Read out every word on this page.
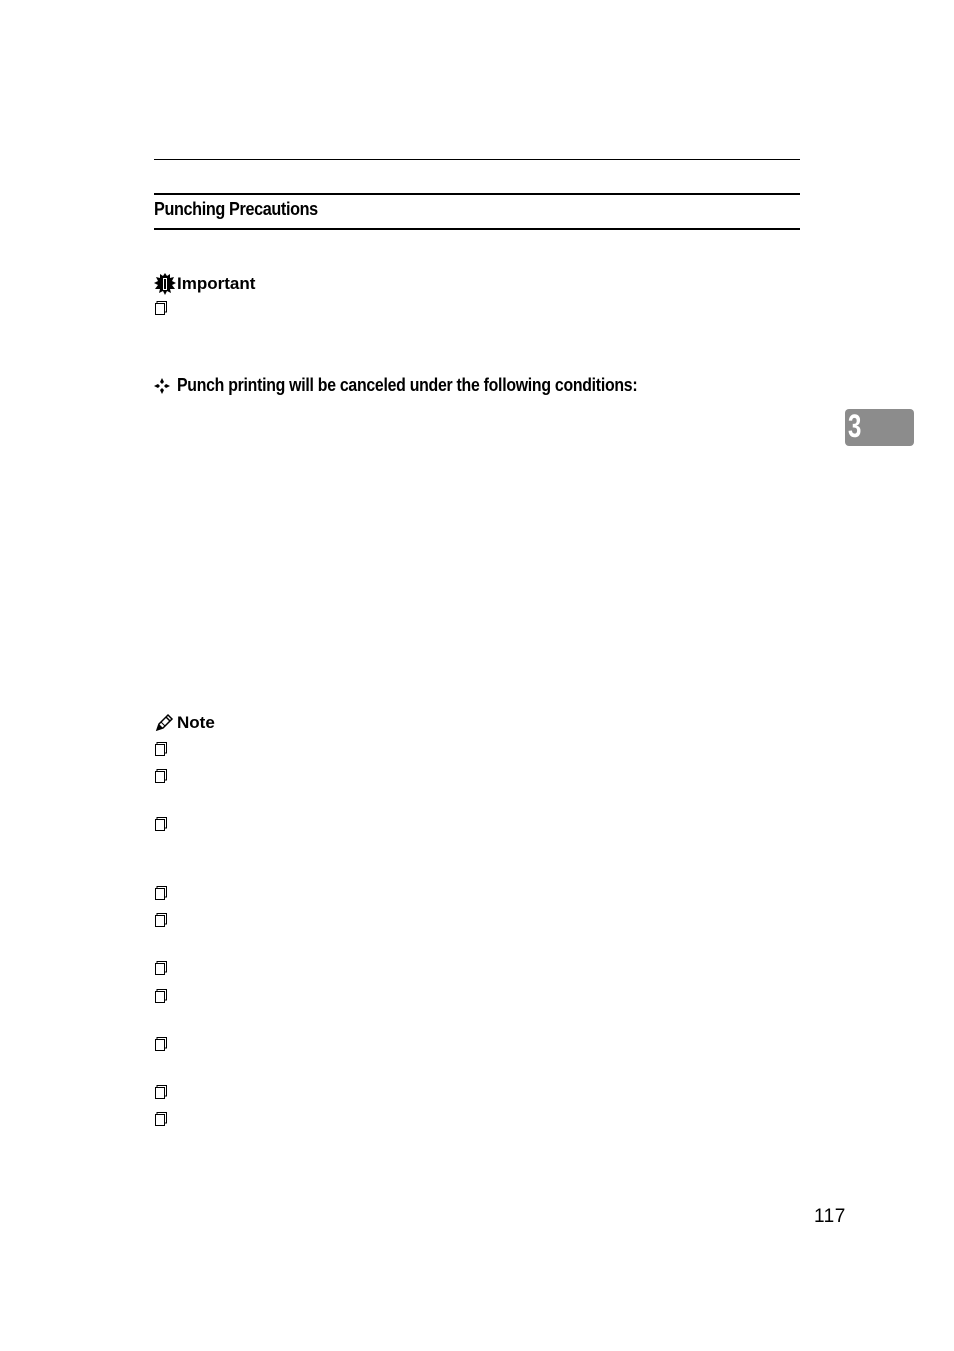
Punching Precautions
Important
Punch printing will be canceled under the following conditions:
3
Note
117
